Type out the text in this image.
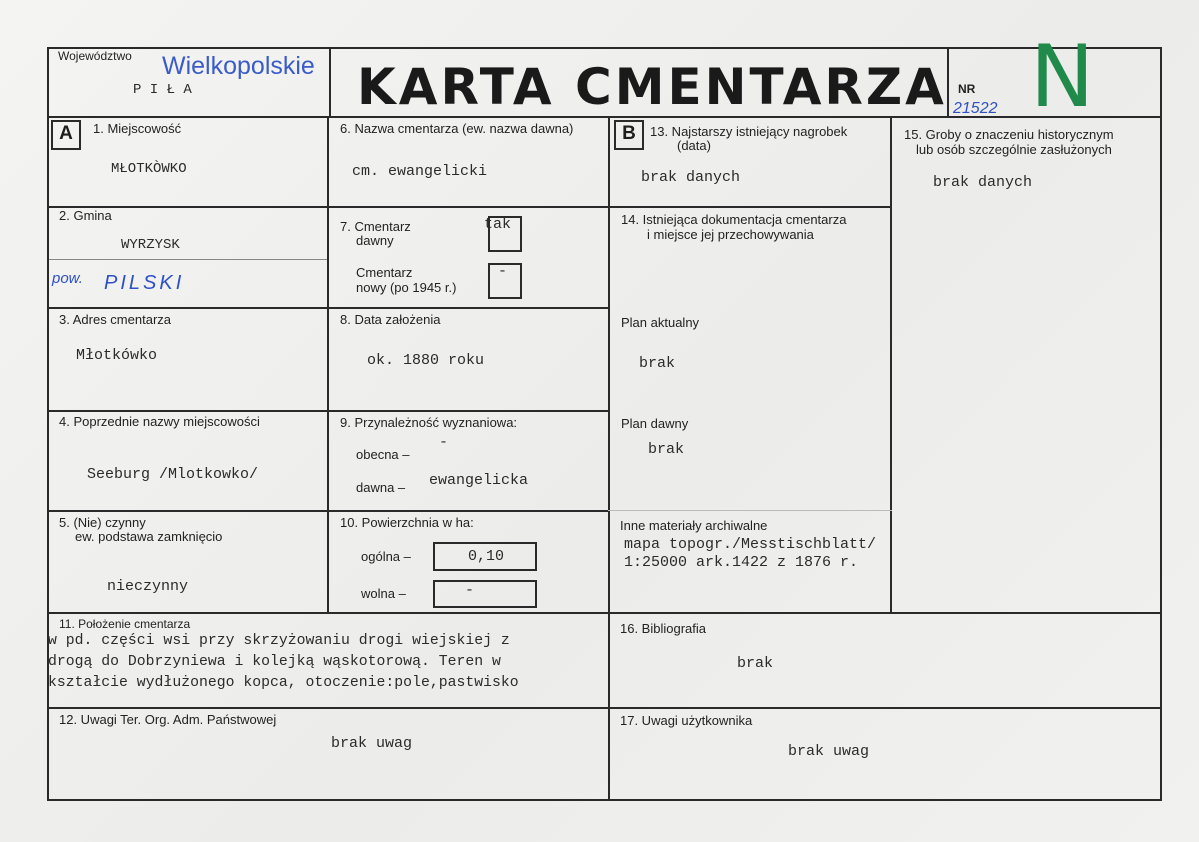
Województwo Wielkopolskie
P I Ł A	KARTA CMENTARZA NR
21522 N
A	B
1. Miejscowość
MŁOTKÒWKO
2. Gmina
WYRZYSK
pow. PILSKI
3. Adres cmentarza
Młotkówko
4. Poprzednie nazwy miejscowości
Seeburg /Mlotkowko/
5. (Nie) czynny
ew. podstawa zamknięcio
nieczynny
6. Nazwa cmentarza (ew. nazwa dawna)
cm. ewangelicki
7. Cmentarz
dawny
tak
Cmentarz
nowy (po 1945 r.)
-
8. Data założenia
ok. 1880 roku
9. Przynależność wyznaniowa:
obecna –
-
dawna – ewangelicka
10. Powierzchnia w ha:
ogólna –	0,10
wolna –	-
11. Położenie cmentarza
w pd. części wsi przy skrzyżowaniu drogi wiejskiej z
drogą do Dobrzyniewa i kolejką wąskotorową. Teren w
kształcie wydłużonego kopca, otoczenie:pole,pastwisko
12. Uwagi Ter. Org. Adm. Państwowej
brak uwag
13. Najstarszy istniejący nagrobek
(data)
brak danych
14. Istniejąca dokumentacja cmentarza
i miejsce jej przechowywania
Plan aktualny
brak
Plan dawny
brak
Inne materiały archiwalne
mapa topogr./Messtischblatt/
1:25000 ark.1422 z 1876 r.
15. Groby o znaczeniu historycznym
lub osób szczególnie zasłużonych
brak danych
16. Bibliografia
brak
17. Uwagi użytkownika
brak uwag
